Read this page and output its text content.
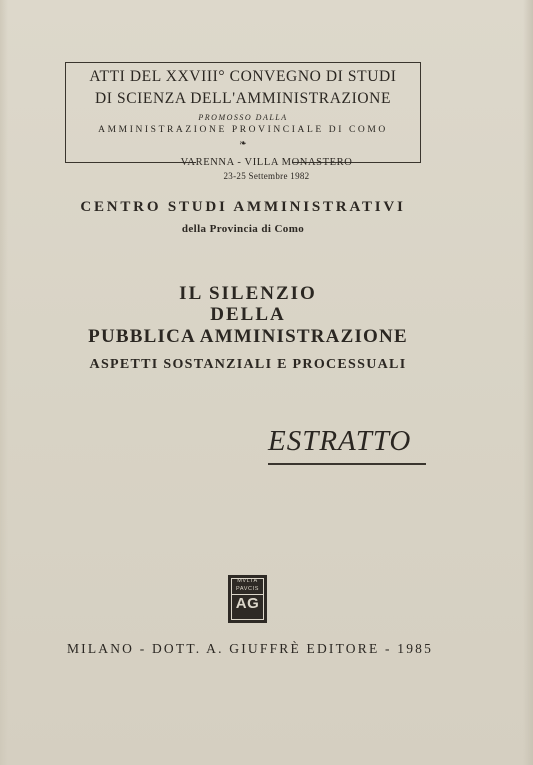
ATTI DEL XXVIII° CONVEGNO DI STUDI
DI SCIENZA DELL'AMMINISTRAZIONE
PROMOSSO DALLA
AMMINISTRAZIONE PROVINCIALE DI COMO
❧
VARENNA - VILLA MONASTERO
23-25 Settembre 1982
CENTRO STUDI AMMINISTRATIVI
della Provincia di Como
IL SILENZIO
DELLA
PUBBLICA AMMINISTRAZIONE
ASPETTI SOSTANZIALI E PROCESSUALI
ESTRATTO
MVLTA
PAVCIS
AG
MILANO - DOTT. A. GIUFFRÈ EDITORE - 1985
